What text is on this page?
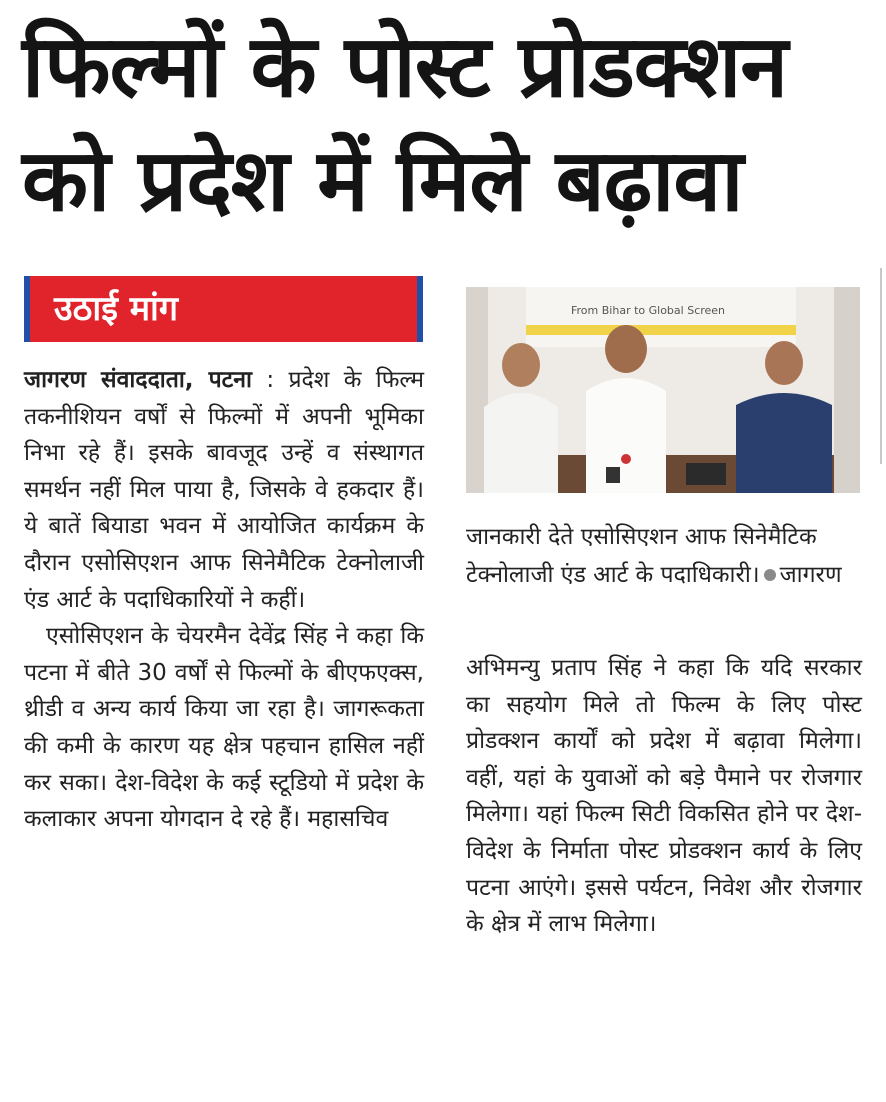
फिल्मों के पोस्ट प्रोडक्शन
को प्रदेश में मिले बढ़ावा
उठाई मांग

जागरण संवाददाता, पटना : प्रदेश के फिल्म तकनीशियन वर्षों से फिल्मों में अपनी भूमिका निभा रहे हैं। इसके बावजूद उन्हें व संस्थागत समर्थन नहीं मिल पाया है, जिसके वे हकदार हैं। ये बातें बियाडा भवन में आयोजित कार्यक्रम के दौरान एसोसिएशन आफ सिनेमैटिक टेक्नोलाजी एंड आर्ट के पदाधिकारियों ने कहीं।

एसोसिएशन के चेयरमैन देवेंद्र सिंह ने कहा कि पटना में बीते 30 वर्षों से फिल्मों के बीएफएक्स, थ्रीडी व अन्य कार्य किया जा रहा है। जागरूकता की कमी के कारण यह क्षेत्र पहचान हासिल नहीं कर सका। देश-विदेश के कई स्टूडियो में प्रदेश के कलाकार अपना योगदान दे रहे हैं। महासचिव

From Bihar to Global Screen
जानकारी देते एसोसिएशन आफ सिनेमैटिक टेक्नोलाजी एंड आर्ट के पदाधिकारी। जागरण

अभिमन्यु प्रताप सिंह ने कहा कि यदि सरकार का सहयोग मिले तो फिल्म के लिए पोस्ट प्रोडक्शन कार्यों को प्रदेश में बढ़ावा मिलेगा। वहीं, यहां के युवाओं को बड़े पैमाने पर रोजगार मिलेगा। यहां फिल्म सिटी विकसित होने पर देश-विदेश के निर्माता पोस्ट प्रोडक्शन कार्य के लिए पटना आएंगे। इससे पर्यटन, निवेश और रोजगार के क्षेत्र में लाभ मिलेगा।
